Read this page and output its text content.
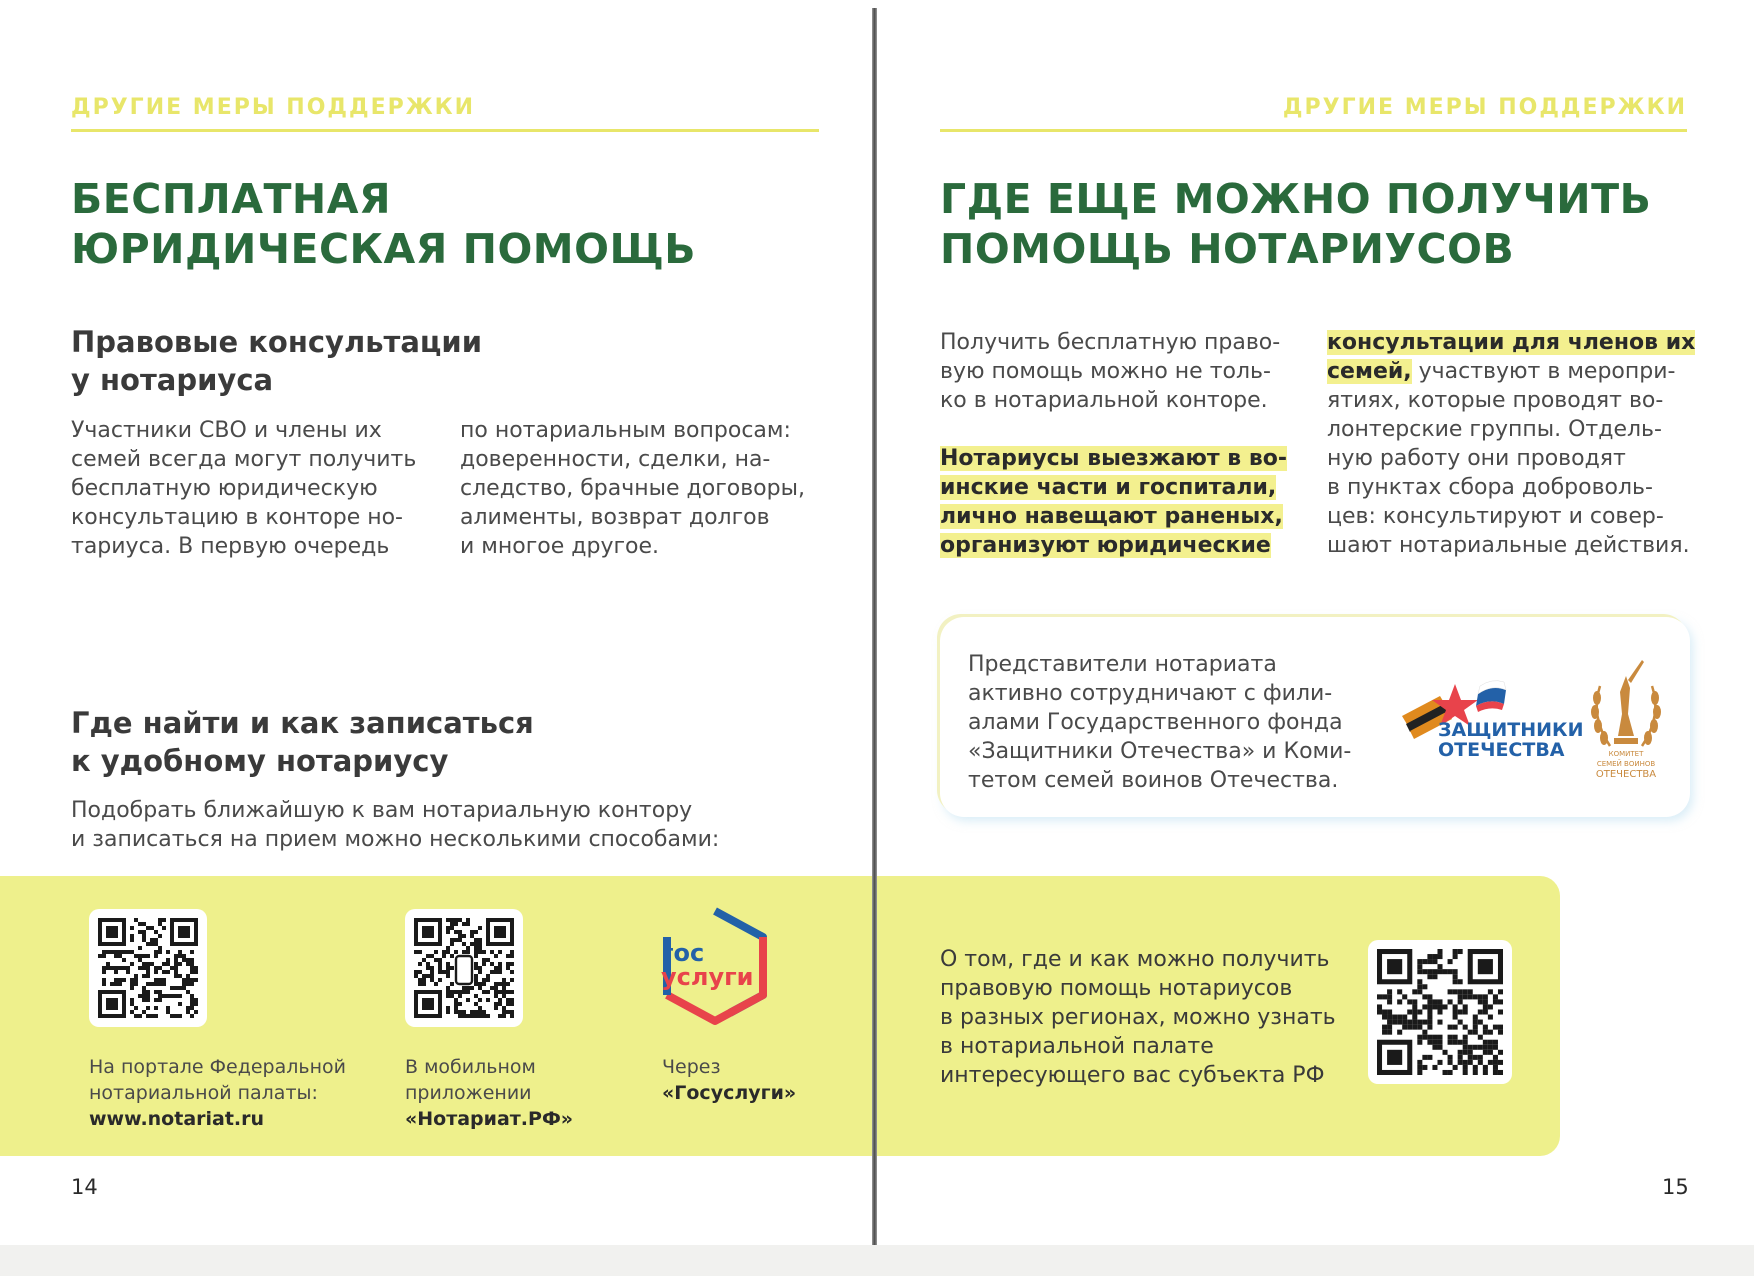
ДРУГИЕ МЕРЫ ПОДДЕРЖКИ
БЕСПЛАТНАЯ
ЮРИДИЧЕСКАЯ ПОМОЩЬ
Правовые консультации
у нотариуса

Участники СВО и члены их
семей всегда могут получить
бесплатную юридическую
консультацию в конторе но-
тариуса. В первую очередь

по нотариальным вопросам:
доверенности, сделки, на-
следство, брачные договоры,
алименты, возврат долгов
и многое другое.

Где найти и как записаться
к удобному нотариусу

Подобрать ближайшую к вам нотариальную контору
и записаться на прием можно несколькими способами:

На портале Федеральной
нотариальной палаты:
www.notariat.ru

В мобильном
приложении
«Нотариат.РФ»

гос
услуги

Через
«Госуслуги»

14
ДРУГИЕ МЕРЫ ПОДДЕРЖКИ
ГДЕ ЕЩЕ МОЖНО ПОЛУЧИТЬ
ПОМОЩЬ НОТАРИУСОВ

Получить бесплатную право-
вую помощь можно не толь-
ко в нотариальной конторе.

Нотариусы выезжают в во-
инские части и госпитали,
лично навещают раненых,
организуют юридические

консультации для членов их
семей, участвуют в меропри-
ятиях, которые проводят во-
лонтерские группы. Отдель-
ную работу они проводят
в пунктах сбора доброволь-
цев: консультируют и совер-
шают нотариальные действия.

Представители нотариата
активно сотрудничают с фили-
алами Государственного фонда
«Защитники Отечества» и Коми-
тетом семей воинов Отечества.

ЗАЩИТНИКИ
ОТЕЧЕСТВА	КОМИТЕТ
СЕМЕЙ ВОИНОВ
ОТЕЧЕСТВА

О том, где и как можно получить
правовую помощь нотариусов
в разных регионах, можно узнать
в нотариальной палате
интересующего вас субъекта РФ

15
